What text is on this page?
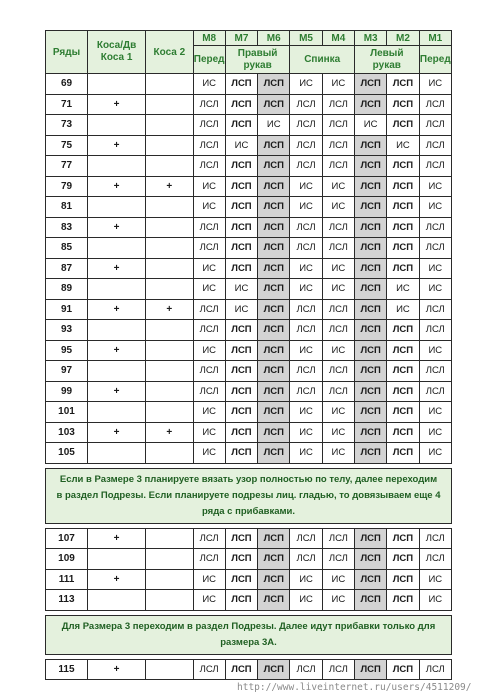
Ряды	Коса/Дв Коса 1	Коса 2	M8	M7	M6	M5	M4	M3	M2	M1
			Перед	Правый рукав		Спинка		Левый рукав		Перед
69			ИС	ЛСП	ЛСП	ИС	ИС	ЛСП	ЛСП	ИС
71	+		ЛСЛ	ЛСП	ЛСП	ЛСЛ	ЛСЛ	ЛСП	ЛСП	ЛСЛ
73			ЛСЛ	ЛСП	ИС	ЛСЛ	ЛСЛ	ИС	ЛСП	ЛСЛ
75	+		ЛСЛ	ИС	ЛСП	ЛСЛ	ЛСЛ	ЛСП	ИС	ЛСЛ
77			ЛСЛ	ЛСП	ЛСП	ЛСЛ	ЛСЛ	ЛСП	ЛСП	ЛСЛ
79	+	+	ИС	ЛСП	ЛСП	ИС	ИС	ЛСП	ЛСП	ИС
81			ИС	ЛСП	ЛСП	ИС	ИС	ЛСП	ЛСП	ИС
83	+		ЛСЛ	ЛСП	ЛСП	ЛСЛ	ЛСЛ	ЛСП	ЛСП	ЛСЛ
85			ЛСЛ	ЛСП	ЛСП	ЛСЛ	ЛСЛ	ЛСП	ЛСП	ЛСЛ
87	+		ИС	ЛСП	ЛСП	ИС	ИС	ЛСП	ЛСП	ИС
89			ИС	ИС	ЛСП	ИС	ИС	ЛСП	ИС	ИС
91	+	+	ЛСЛ	ИС	ЛСП	ЛСЛ	ЛСЛ	ЛСП	ИС	ЛСЛ
93			ЛСЛ	ЛСП	ЛСП	ЛСЛ	ЛСЛ	ЛСП	ЛСП	ЛСЛ
95	+		ИС	ЛСП	ЛСП	ИС	ИС	ЛСП	ЛСП	ИС
97			ЛСЛ	ЛСП	ЛСП	ЛСЛ	ЛСЛ	ЛСП	ЛСП	ЛСЛ
99	+		ЛСЛ	ЛСП	ЛСП	ЛСЛ	ЛСЛ	ЛСП	ЛСП	ЛСЛ
101			ИС	ЛСП	ЛСП	ИС	ИС	ЛСП	ЛСП	ИС
103	+	+	ИС	ЛСП	ЛСП	ИС	ИС	ЛСП	ЛСП	ИС
105			ИС	ЛСП	ЛСП	ИС	ИС	ЛСП	ЛСП	ИС

Если в Размере 3 планируете вязать узор полностью по телу, далее переходим в раздел Подрезы. Если планируете подрезы лиц. гладью, то довязываем еще 4 ряда с прибавками.										

107	+		ЛСЛ	ЛСП	ЛСП	ЛСЛ	ЛСЛ	ЛСП	ЛСП	ЛСЛ
109			ЛСЛ	ЛСП	ЛСП	ЛСЛ	ЛСЛ	ЛСП	ЛСП	ЛСЛ
111	+		ИС	ЛСП	ЛСП	ИС	ИС	ЛСП	ЛСП	ИС
113			ИС	ЛСП	ЛСП	ИС	ИС	ЛСП	ЛСП	ИС

Для Размера 3 переходим в раздел Подрезы. Далее идут прибавки только для размера 3А.										

115	+		ЛСЛ	ЛСП	ЛСП	ЛСЛ	ЛСЛ	ЛСП	ЛСП	ЛСЛ
http://www.liveinternet.ru/users/4511209/
